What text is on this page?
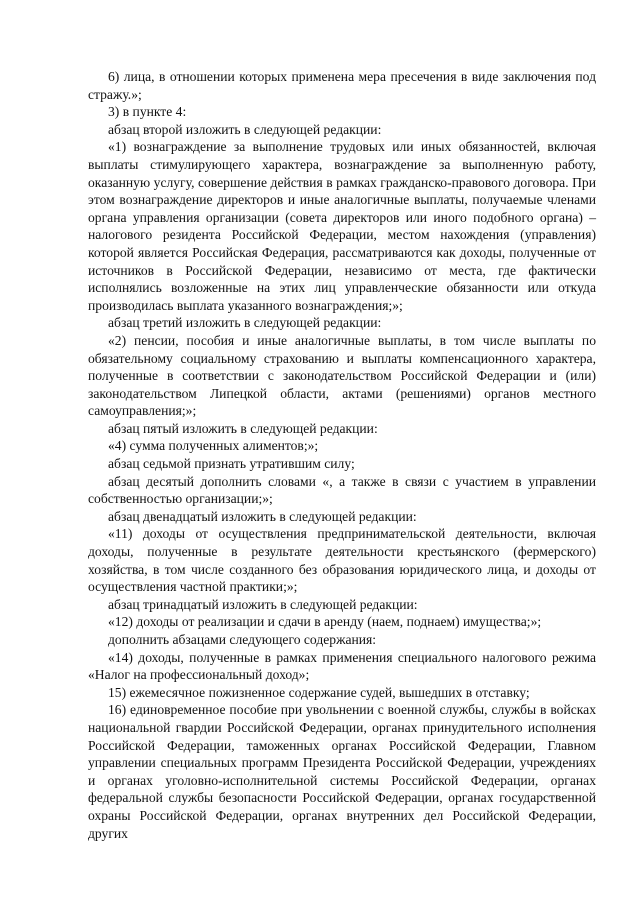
6) лица, в отношении которых применена мера пресечения в виде заключения под стражу.»;

3) в пункте 4:

абзац второй изложить в следующей редакции:

«1) вознаграждение за выполнение трудовых или иных обязанностей, включая выплаты стимулирующего характера, вознаграждение за выполненную работу, оказанную услугу, совершение действия в рамках гражданско-правового договора. При этом вознаграждение директоров и иные аналогичные выплаты, получаемые членами органа управления организации (совета директоров или иного подобного органа) – налогового резидента Российской Федерации, местом нахождения (управления) которой является Российская Федерация, рассматриваются как доходы, полученные от источников в Российской Федерации, независимо от места, где фактически исполнялись возложенные на этих лиц управленческие обязанности или откуда производилась выплата указанного вознаграждения;»;

абзац третий изложить в следующей редакции:

«2) пенсии, пособия и иные аналогичные выплаты, в том числе выплаты по обязательному социальному страхованию и выплаты компенсационного характера, полученные в соответствии с законодательством Российской Федерации и (или) законодательством Липецкой области, актами (решениями) органов местного самоуправления;»;

абзац пятый изложить в следующей редакции:

«4) сумма полученных алиментов;»;

абзац седьмой признать утратившим силу;

абзац десятый дополнить словами «, а также в связи с участием в управлении собственностью организации;»;

абзац двенадцатый изложить в следующей редакции:

«11) доходы от осуществления предпринимательской деятельности, включая доходы, полученные в результате деятельности крестьянского (фермерского) хозяйства, в том числе созданного без образования юридического лица, и доходы от осуществления частной практики;»;

абзац тринадцатый изложить в следующей редакции:

«12) доходы от реализации и сдачи в аренду (наем, поднаем) имущества;»;

дополнить абзацами следующего содержания:

«14) доходы, полученные в рамках применения специального налогового режима «Налог на профессиональный доход»;

15) ежемесячное пожизненное содержание судей, вышедших в отставку;

16) единовременное пособие при увольнении с военной службы, службы в войсках национальной гвардии Российской Федерации, органах принудительного исполнения Российской Федерации, таможенных органах Российской Федерации, Главном управлении специальных программ Президента Российской Федерации, учреждениях и органах уголовно-исполнительной системы Российской Федерации, органах федеральной службы безопасности Российской Федерации, органах государственной охраны Российской Федерации, органах внутренних дел Российской Федерации, других
